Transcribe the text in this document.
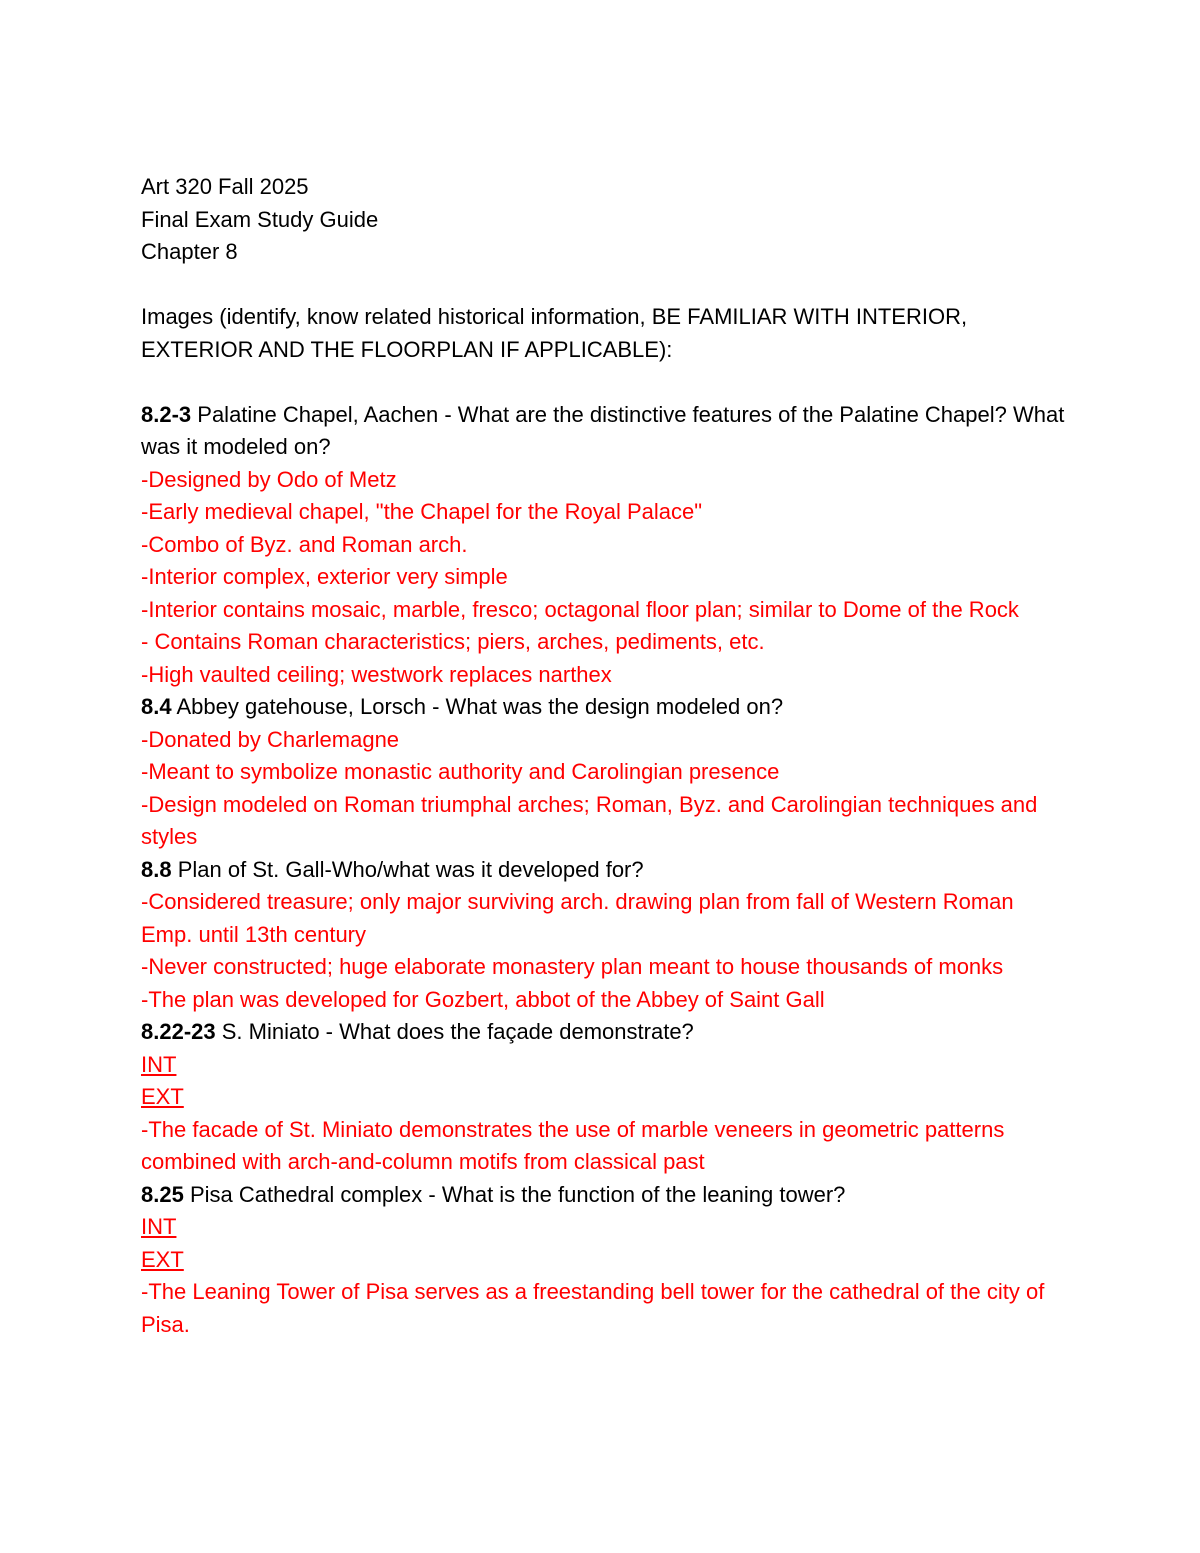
Art 320 Fall 2025

Final Exam Study Guide

Chapter 8

Images (identify, know related historical information, BE FAMILIAR WITH INTERIOR, EXTERIOR AND THE FLOORPLAN IF APPLICABLE):

8.2-3 Palatine Chapel, Aachen - What are the distinctive features of the Palatine Chapel? What was it modeled on?

-Designed by Odo of Metz

-Early medieval chapel, "the Chapel for the Royal Palace"

-Combo of Byz. and Roman arch.

-Interior complex, exterior very simple

-Interior contains mosaic, marble, fresco; octagonal floor plan; similar to Dome of the Rock

- Contains Roman characteristics; piers, arches, pediments, etc.

-High vaulted ceiling; westwork replaces narthex

8.4 Abbey gatehouse, Lorsch - What was the design modeled on?

-Donated by Charlemagne

-Meant to symbolize monastic authority and Carolingian presence

-Design modeled on Roman triumphal arches; Roman, Byz. and Carolingian techniques and styles

8.8 Plan of St. Gall-Who/what was it developed for?

-Considered treasure; only major surviving arch. drawing plan from fall of Western Roman Emp. until 13th century

-Never constructed; huge elaborate monastery plan meant to house thousands of monks

-The plan was developed for Gozbert, abbot of the Abbey of Saint Gall

8.22-23 S. Miniato - What does the façade demonstrate?

INT

EXT

-The facade of St. Miniato demonstrates the use of marble veneers in geometric patterns combined with arch-and-column motifs from classical past

8.25 Pisa Cathedral complex - What is the function of the leaning tower?

INT

EXT

-The Leaning Tower of Pisa serves as a freestanding bell tower for the cathedral of the city of Pisa.
